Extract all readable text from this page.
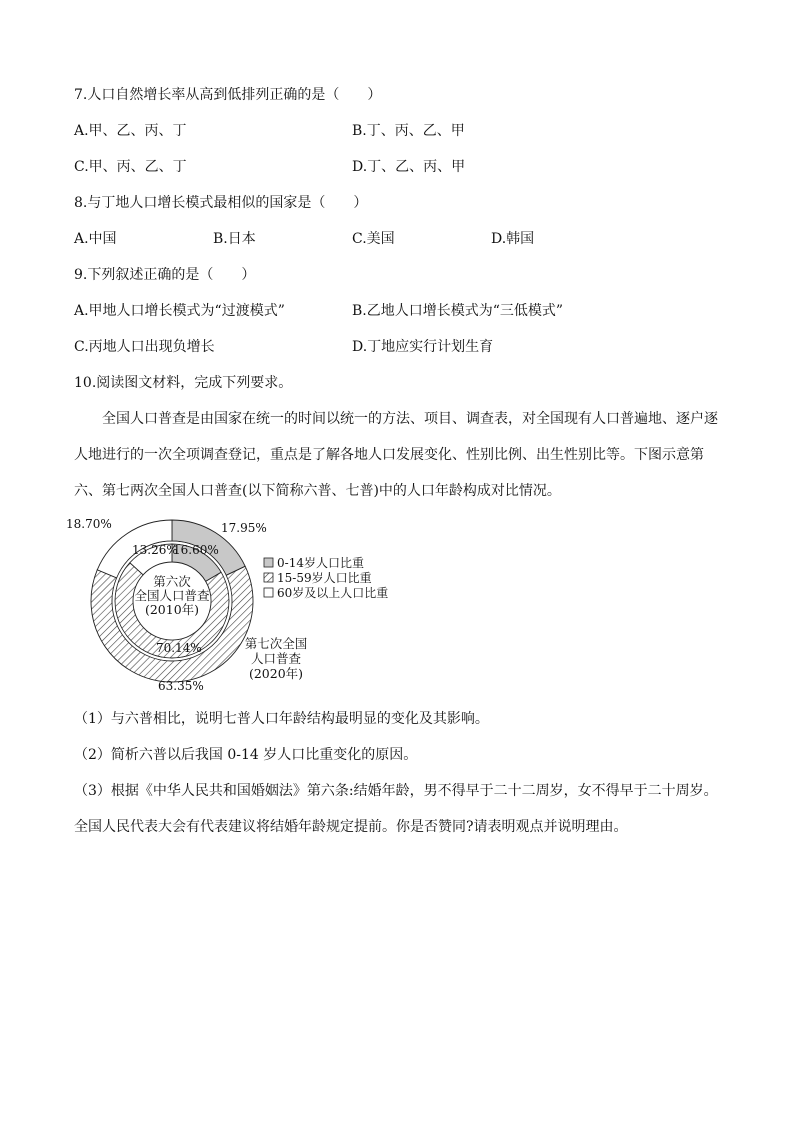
7.人口自然增长率从高到低排列正确的是（　　）
A.甲、乙、丙、丁	B.丁、丙、乙、甲
C.甲、丙、乙、丁	D.丁、乙、丙、甲
8.与丁地人口增长模式最相似的国家是（　　）
A.中国	B.日本	C.美国	D.韩国
9.下列叙述正确的是（　　）
A.甲地人口增长模式为“过渡模式”	B.乙地人口增长模式为“三低模式”
C.丙地人口出现负增长	D.丁地应实行计划生育
10.阅读图文材料，完成下列要求。
全国人口普查是由国家在统一的时间以统一的方法、项目、调查表，对全国现有人口普遍地、逐户逐人地进行的一次全项调查登记，重点是了解各地人口发展变化、性别比例、出生性别比等。下图示意第六、第七两次全国人口普查(以下简称六普、七普)中的人口年龄构成对比情况。
18.70%	17.95%
13.26%
16.60%
70.14%
63.35%
第六次
全国人口普查
(2010年)
第七次全国
人口普查
(2020年)
0-14岁人口比重
15-59岁人口比重
60岁及以上人口比重
（1）与六普相比，说明七普人口年龄结构最明显的变化及其影响。
（2）简析六普以后我国 0-14 岁人口比重变化的原因。
（3）根据《中华人民共和国婚姻法》第六条:结婚年龄，男不得早于二十二周岁，女不得早于二十周岁。
全国人民代表大会有代表建议将结婚年龄规定提前。你是否赞同?请表明观点并说明理由。
